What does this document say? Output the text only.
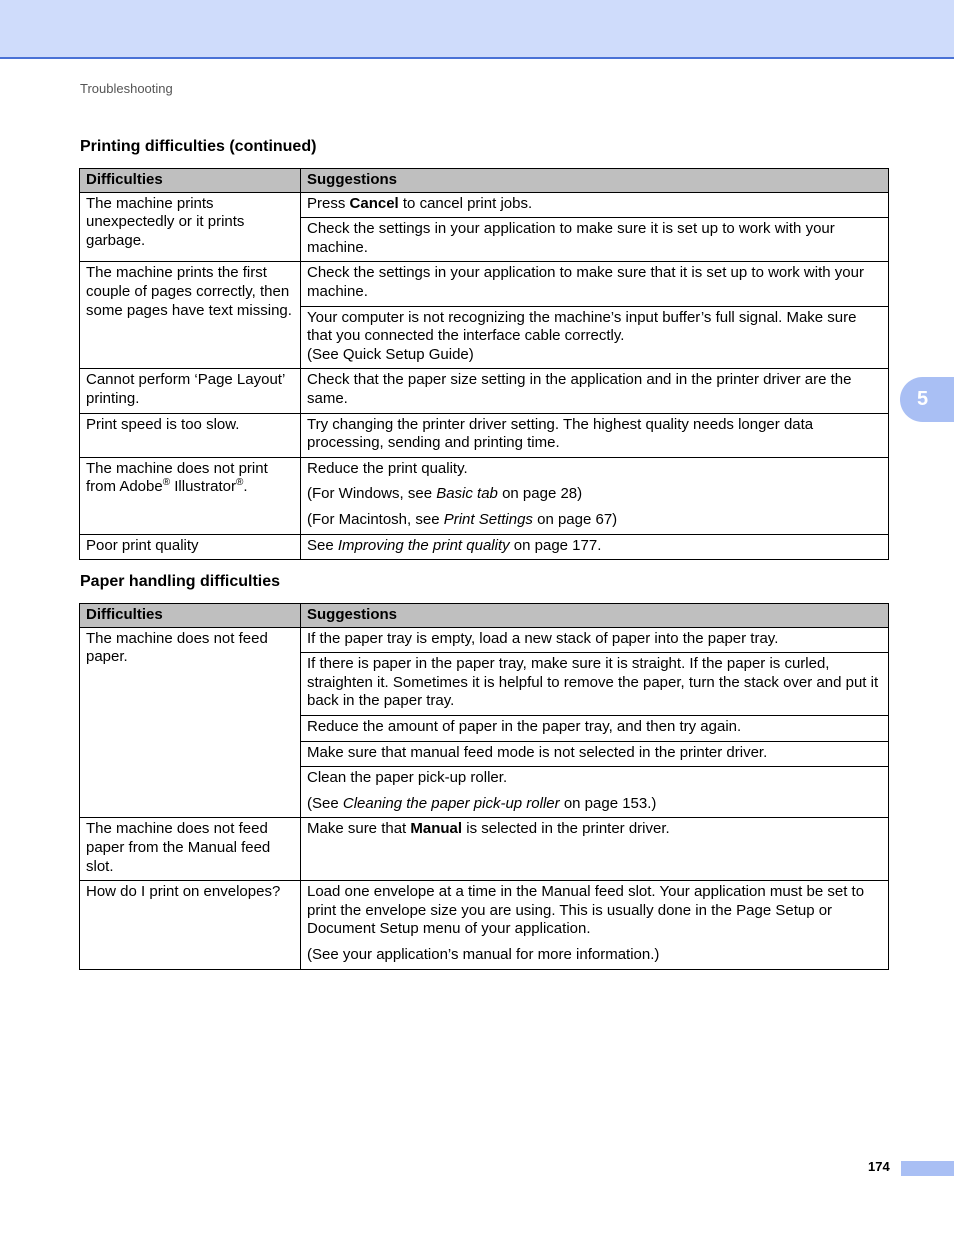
Troubleshooting
Printing difficulties (continued)
Difficulties	Suggestions
The machine prints unexpectedly or it prints garbage.	Press Cancel to cancel print jobs.
	Check the settings in your application to make sure it is set up to work with your machine.
The machine prints the first couple of pages correctly, then some pages have text missing.	Check the settings in your application to make sure that it is set up to work with your machine.
	Your computer is not recognizing the machine’s input buffer’s full signal. Make sure that you connected the interface cable correctly.
(See Quick Setup Guide)
Cannot perform ‘Page Layout’ printing.	Check that the paper size setting in the application and in the printer driver are the same.
Print speed is too slow.	Try changing the printer driver setting. The highest quality needs longer data processing, sending and printing time.
The machine does not print from Adobe® Illustrator®.	Reduce the print quality.
(For Windows, see Basic tab on page 28)
(For Macintosh, see Print Settings on page 67)

Poor print quality	See Improving the print quality on page 177.
Paper handling difficulties
Difficulties	Suggestions
The machine does not feed paper.	If the paper tray is empty, load a new stack of paper into the paper tray.
	If there is paper in the paper tray, make sure it is straight. If the paper is curled, straighten it. Sometimes it is helpful to remove the paper, turn the stack over and put it back in the paper tray.
	Reduce the amount of paper in the paper tray, and then try again.
	Make sure that manual feed mode is not selected in the printer driver.
	Clean the paper pick-up roller.
(See Cleaning the paper pick-up roller on page 153.)

The machine does not feed paper from the Manual feed slot.	Make sure that Manual is selected in the printer driver.
How do I print on envelopes?	Load one envelope at a time in the Manual feed slot. Your application must be set to print the envelope size you are using. This is usually done in the Page Setup or Document Setup menu of your application.
(See your application’s manual for more information.)
5
174
